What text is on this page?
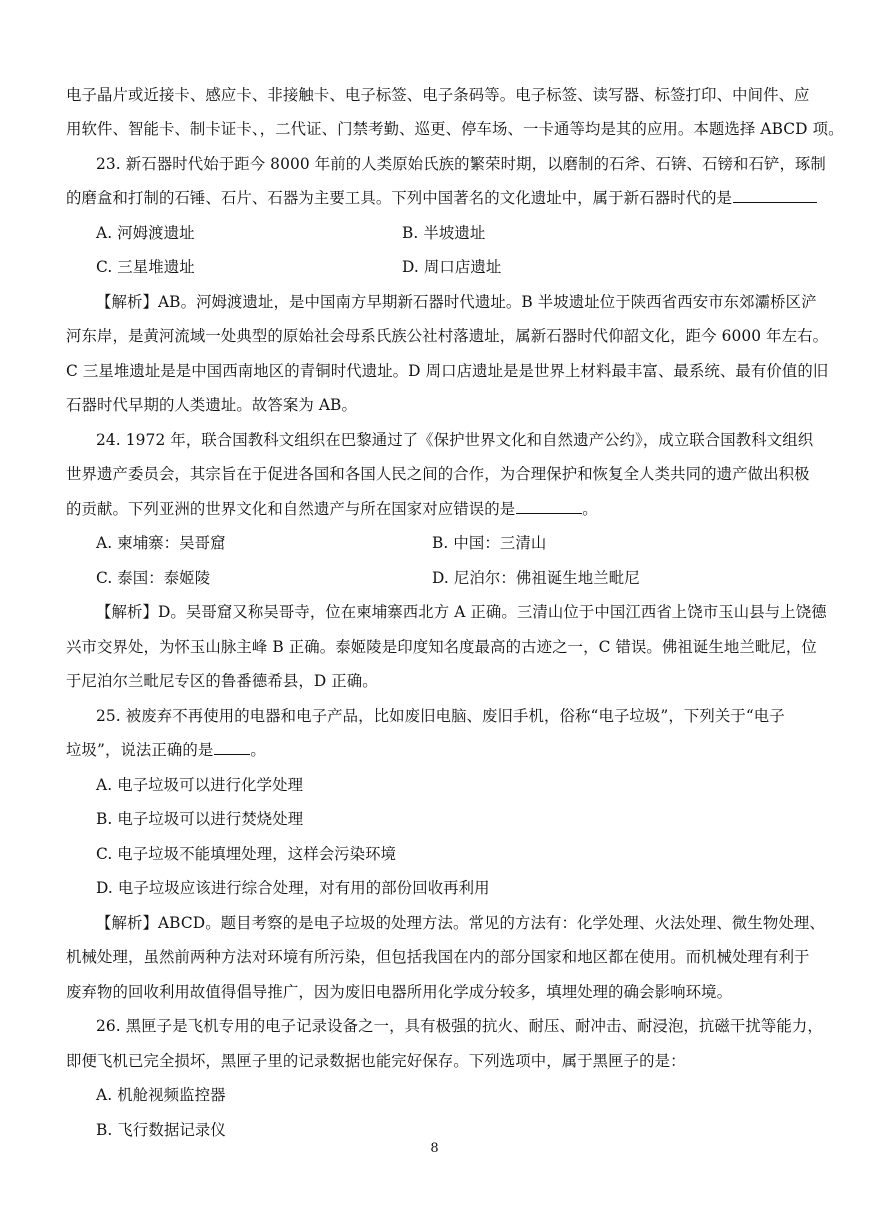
电子晶片或近接卡、感应卡、非接触卡、电子标签、电子条码等。电子标签、读写器、标签打印、中间件、应
用软件、智能卡、制卡证卡、，二代证、门禁考勤、巡更、停车场、一卡通等均是其的应用。本题选择 ABCD 项。
23. 新石器时代始于距今 8000 年前的人类原始氏族的繁荣时期，以磨制的石斧、石锛、石镑和石铲，琢制
的磨盒和打制的石锤、石片、石器为主要工具。下列中国著名的文化遗址中，属于新石器时代的是
A. 河姆渡遗址	B. 半坡遗址
C. 三星堆遗址	D. 周口店遗址
【解析】AB。河姆渡遗址，是中国南方早期新石器时代遗址。B 半坡遗址位于陕西省西安市东郊灞桥区浐
河东岸，是黄河流域一处典型的原始社会母系氏族公社村落遗址，属新石器时代仰韶文化，距今 6000 年左右。
C 三星堆遗址是是中国西南地区的青铜时代遗址。D 周口店遗址是是世界上材料最丰富、最系统、最有价值的旧
石器时代早期的人类遗址。故答案为 AB。
24. 1972 年，联合国教科文组织在巴黎通过了《保护世界文化和自然遗产公约》，成立联合国教科文组织
世界遗产委员会，其宗旨在于促进各国和各国人民之间的合作，为合理保护和恢复全人类共同的遗产做出积极
的贡献。下列亚洲的世界文化和自然遗产与所在国家对应错误的是	。
A. 柬埔寨：吴哥窟	B. 中国：三清山
C. 泰国：泰姬陵	D. 尼泊尔：佛祖诞生地兰毗尼
【解析】D。吴哥窟又称吴哥寺，位在柬埔寨西北方 A 正确。三清山位于中国江西省上饶市玉山县与上饶德
兴市交界处，为怀玉山脉主峰 B 正确。泰姬陵是印度知名度最高的古迹之一，C 错误。佛祖诞生地兰毗尼，位
于尼泊尔兰毗尼专区的鲁番德希县，D 正确。
25. 被废弃不再使用的电器和电子产品，比如废旧电脑、废旧手机，俗称“电子垃圾”，下列关于“电子
垃圾”，说法正确的是 。
A. 电子垃圾可以进行化学处理
B. 电子垃圾可以进行焚烧处理
C. 电子垃圾不能填埋处理，这样会污染环境
D. 电子垃圾应该进行综合处理，对有用的部份回收再利用
【解析】ABCD。题目考察的是电子垃圾的处理方法。常见的方法有：化学处理、火法处理、微生物处理、
机械处理，虽然前两种方法对环境有所污染，但包括我国在内的部分国家和地区都在使用。而机械处理有利于
废弃物的回收利用故值得倡导推广，因为废旧电器所用化学成分较多，填埋处理的确会影响环境。
26. 黑匣子是飞机专用的电子记录设备之一，具有极强的抗火、耐压、耐冲击、耐浸泡，抗磁干扰等能力，
即便飞机已完全损坏，黑匣子里的记录数据也能完好保存。下列选项中，属于黑匣子的是：
A. 机舱视频监控器
B. 飞行数据记录仪
8
